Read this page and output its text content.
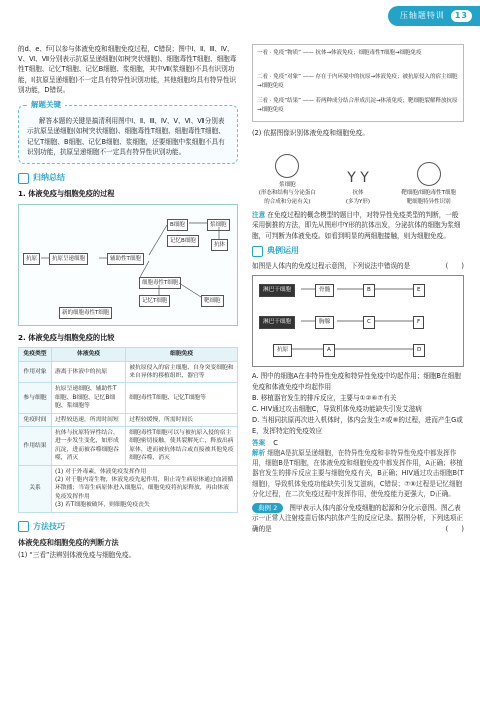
压轴题特训	13

的d、e、f可以参与体液免疫和细胞免疫过程，C错误；图中Ⅰ、Ⅱ、Ⅲ、Ⅳ、Ⅴ、Ⅵ、Ⅶ分别表示抗原呈递细胞(如树突状细胞)、细胞毒性T细胞、细胞毒性T细胞、记忆T细胞、记忆B细胞、浆细胞，其中Ⅶ(浆细胞)不具有识别功能，Ⅰ(抗原呈递细胞)不一定具有特异性识别功能，其他细胞均具有特异性识别功能，D错误。

解题关键

解答本题的关键是搞清利用图中Ⅰ、Ⅱ、Ⅲ、Ⅳ、Ⅴ、Ⅵ、Ⅶ分别表示抗原呈递细胞(如树突状细胞)、细胞毒性T细胞、细胞毒性T细胞、记忆T细胞、B细胞、记忆B细胞、浆细胞，还要细胞中浆细胞不具有识别功能，抗原呈递细胞不一定具有特异性识别功能。

归纳总结
1. 体液免疫与细胞免疫的过程
抗原	抗原呈递细胞	辅助性T细胞
B细胞
记忆B细胞
浆细胞
抗体
细胞毒性T细胞
记忆T细胞
新的细胞毒性T细胞
靶细胞
2. 体液免疫与细胞免疫的比较
免疫类型	体液免疫	细胞免疫
作用对象	游离于体液中的抗原	被抗原侵入的宿主细胞、自身突变细胞和来自异体的移植组织、器官等
参与细胞	抗原呈递细胞、辅助性T细胞、B细胞、记忆B细胞、浆细胞等	细胞毒性T细胞、记忆T细胞等
免疫时间	过程较迅速，所需时间短	过程较缓慢，所需时间长
作用结果	抗体与抗原特异性结合，进一步发生变化，如形成沉淀，进而被吞噬细胞吞噬，消灭	细胞毒性T细胞可以与被抗原入侵的宿主细胞密切接触，使其裂解死亡，释放出病原体，进而被抗体结合或直接被其他免疫细胞吞噬、消灭
关系	(1) 对于外毒素，体液免疫发挥作用
(2) 对于胞内寄生物，体液免疫先起作用，阻止寄生病原体通过血液循环散播；当寄生病原体进入细胞后，细胞免疫将抗原释放，再由体液免疫发挥作用
(3) 若T细胞被破坏，则细胞免疫丧失	
方法技巧
体液免疫和细胞免疫的判断方法

(1) “三看”法辨别体液免疫与细胞免疫。

一看 · 免疫“物质” —— 抗体→体液免疫；细胞毒性T细胞→细胞免疫
二看 · 免疫“对象” —— 存在于内环境中的抗原→体液免疫；被抗原侵入的宿主细胞→细胞免疫
三看 · 免疫“结果” —— 若两种成分结合形成沉淀→体液免疫；靶细胞裂解释放抗原→细胞免疫

(2) 依据图像识别体液免疫和细胞免疫。

浆细胞
(形态和结构与分泌蛋白的合成和分泌有关)
Y Y
抗体
(多为Y形)
靶细胞/细胞毒性T细胞
靶细胞特异性识别

注意 在免疫过程的概念模型的题目中，对特异性免疫类型的判断，一般采用倒推的方法，即先从图形中Y形的抗体出发，分泌抗体的细胞为浆细胞，可判断为体液免疫。如看到明显的两细胞接触，则为细胞免疫。

典例运用

如图是人体内的免疫过程示意图，下列说法中错误的是	(　　)

淋巴干细胞	骨髓
淋巴干细胞	胸腺
抗原
B
C
E
F
A	D

A. 图中的细胞A在非特异性免疫和特异性免疫中均起作用；细胞B在细胞免疫和体液免疫中均起作用

B. 移植器官发生的排斥反应，主要与①②⑥⑦有关

C. HIV通过攻击细胞C，导致机体免疫功能缺失引发艾滋病

D. 当相同抗原再次进入机体时，体内会发生⑦或⑧的过程，进而产生G或E，发挥特定的免疫效应

答案 C

解析 细胞A是抗原呈递细胞，在特异性免疫和非特异性免疫中都发挥作用，细胞B是T细胞，在体液免疫和细胞免疫中都发挥作用，A正确；移植器官发生的排斥反应主要与细胞免疫有关，B正确；HIV通过攻击细胞B(T细胞)，导致机体免疫功能缺失引发艾滋病，C错误；⑦⑧过程是记忆细胞分化过程，在二次免疫过程中发挥作用，使免疫能力更强大，D正确。

典例 2 图甲表示人体内部分免疫细胞的起源和分化示意图。图乙表示一正常人注射疫苗后体内抗体产生的反应记录。据图分析，下列选项正确的是	(　　)
